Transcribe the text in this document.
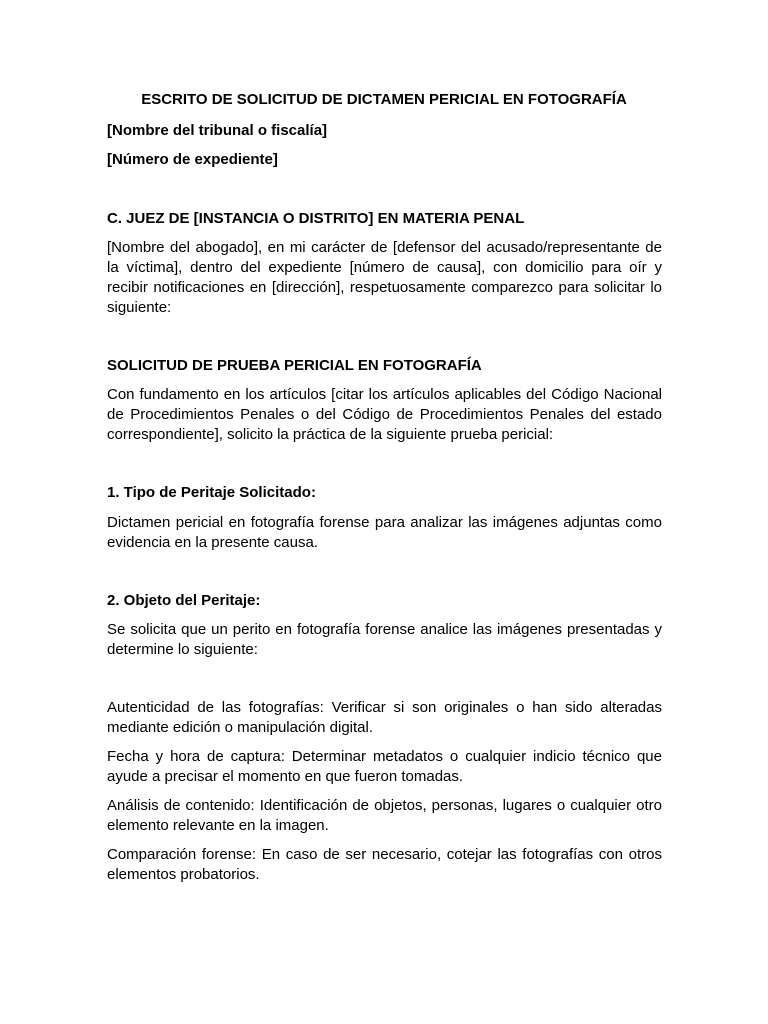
ESCRITO DE SOLICITUD DE DICTAMEN PERICIAL EN FOTOGRAFÍA
[Nombre del tribunal o fiscalía]
[Número de expediente]
C. JUEZ DE [INSTANCIA O DISTRITO] EN MATERIA PENAL
[Nombre del abogado], en mi carácter de [defensor del acusado/representante de
la víctima], dentro del expediente [número de causa], con domicilio para oír y
recibir notificaciones en [dirección], respetuosamente comparezco para solicitar lo
siguiente:
SOLICITUD DE PRUEBA PERICIAL EN FOTOGRAFÍA
Con fundamento en los artículos [citar los artículos aplicables del Código Nacional
de Procedimientos Penales o del Código de Procedimientos Penales del estado
correspondiente], solicito la práctica de la siguiente prueba pericial:
1. Tipo de Peritaje Solicitado:
Dictamen pericial en fotografía forense para analizar las imágenes adjuntas como
evidencia en la presente causa.
2. Objeto del Peritaje:
Se solicita que un perito en fotografía forense analice las imágenes presentadas y
determine lo siguiente:
Autenticidad de las fotografías: Verificar si son originales o han sido alteradas
mediante edición o manipulación digital.
Fecha y hora de captura: Determinar metadatos o cualquier indicio técnico que
ayude a precisar el momento en que fueron tomadas.
Análisis de contenido: Identificación de objetos, personas, lugares o cualquier otro
elemento relevante en la imagen.
Comparación forense: En caso de ser necesario, cotejar las fotografías con otros
elementos probatorios.
